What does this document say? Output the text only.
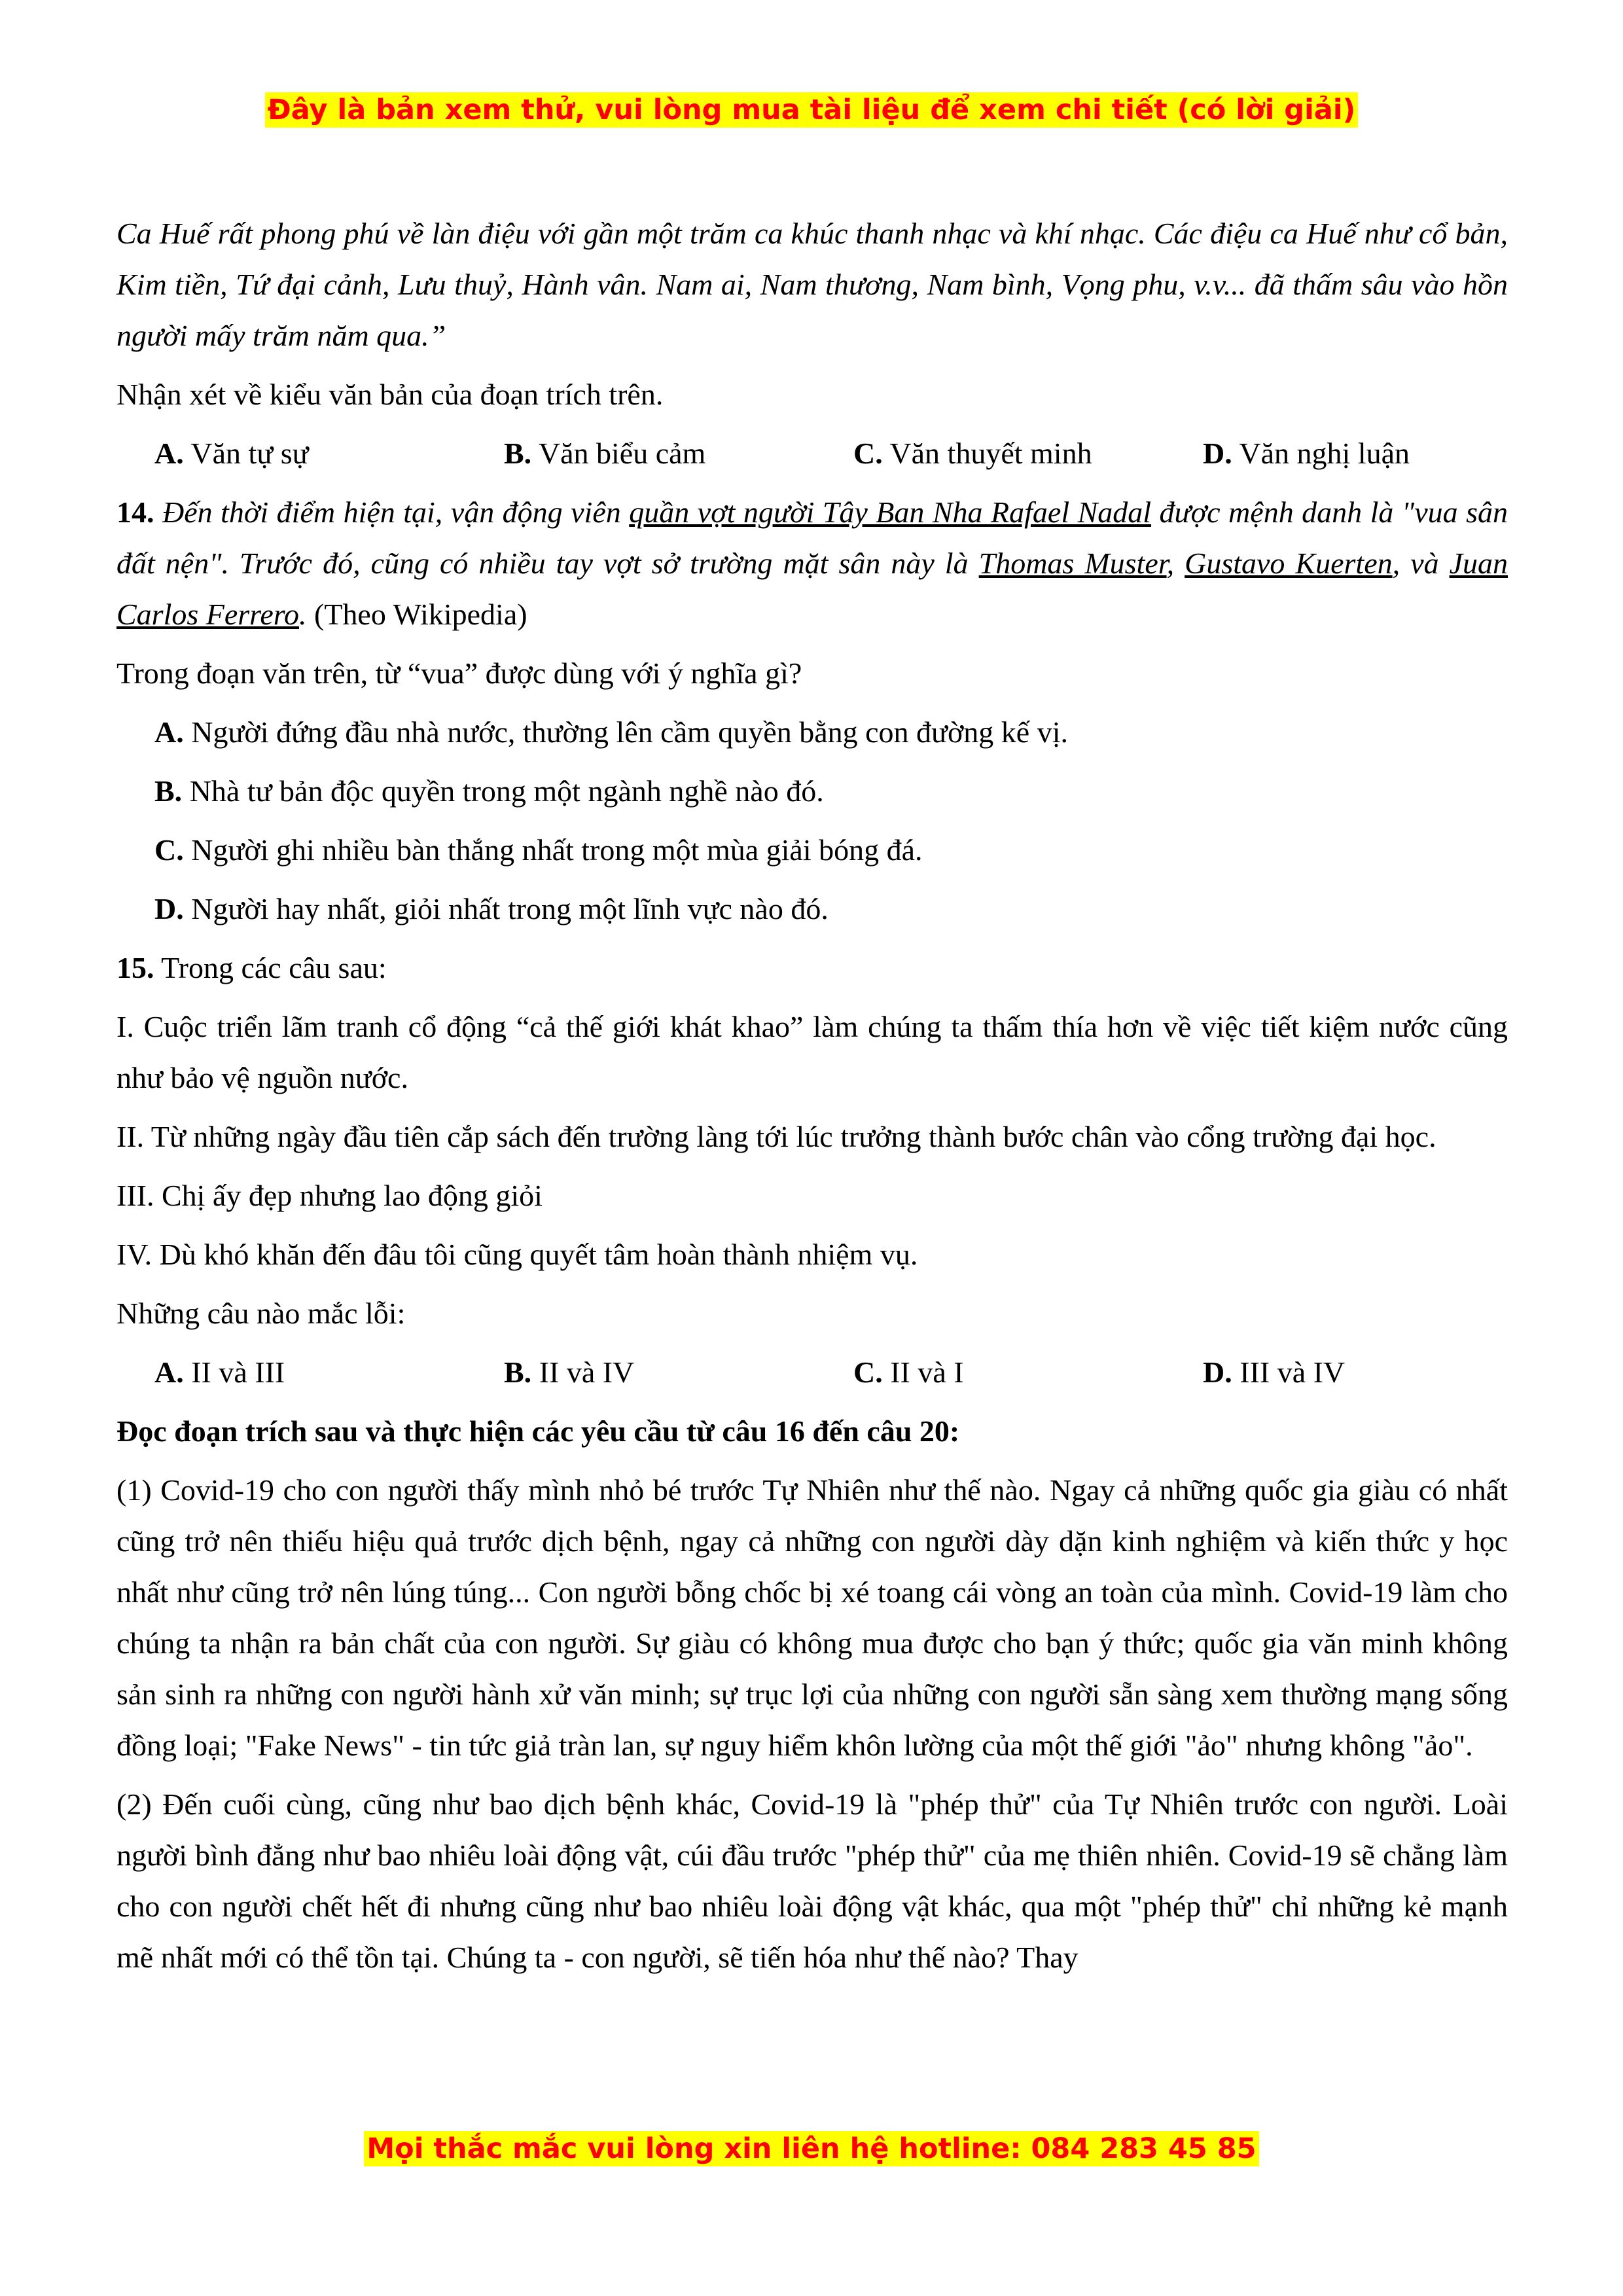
Đây là bản xem thử, vui lòng mua tài liệu để xem chi tiết (có lời giải)

Ca Huế rất phong phú về làn điệu với gần một trăm ca khúc thanh nhạc và khí nhạc. Các điệu ca Huế như cổ bản, Kim tiền, Tứ đại cảnh, Lưu thuỷ, Hành vân. Nam ai, Nam thương, Nam bình, Vọng phu, v.v... đã thấm sâu vào hồn người mấy trăm năm qua.”

Nhận xét về kiểu văn bản của đoạn trích trên.

A. Văn tự sự	B. Văn biểu cảm	C. Văn thuyết minh	D. Văn nghị luận

14. Đến thời điểm hiện tại, vận động viên quần vợt người Tây Ban Nha Rafael Nadal được mệnh danh là "vua sân đất nện". Trước đó, cũng có nhiều tay vợt sở trường mặt sân này là Thomas Muster, Gustavo Kuerten, và Juan Carlos Ferrero. (Theo Wikipedia)

Trong đoạn văn trên, từ “vua” được dùng với ý nghĩa gì?

A. Người đứng đầu nhà nước, thường lên cầm quyền bằng con đường kế vị.
B. Nhà tư bản độc quyền trong một ngành nghề nào đó.
C. Người ghi nhiều bàn thắng nhất trong một mùa giải bóng đá.
D. Người hay nhất, giỏi nhất trong một lĩnh vực nào đó.

15. Trong các câu sau:

I. Cuộc triển lãm tranh cổ động “cả thế giới khát khao” làm chúng ta thấm thía hơn về việc tiết kiệm nước cũng như bảo vệ nguồn nước.

II. Từ những ngày đầu tiên cắp sách đến trường làng tới lúc trưởng thành bước chân vào cổng trường đại học.

III. Chị ấy đẹp nhưng lao động giỏi

IV. Dù khó khăn đến đâu tôi cũng quyết tâm hoàn thành nhiệm vụ.

Những câu nào mắc lỗi:

A. II và III	B. II và IV	C. II và I	D. III và IV

Đọc đoạn trích sau và thực hiện các yêu cầu từ câu 16 đến câu 20:

(1) Covid-19 cho con người thấy mình nhỏ bé trước Tự Nhiên như thế nào. Ngay cả những quốc gia giàu có nhất cũng trở nên thiếu hiệu quả trước dịch bệnh, ngay cả những con người dày dặn kinh nghiệm và kiến thức y học nhất như cũng trở nên lúng túng... Con người bỗng chốc bị xé toang cái vòng an toàn của mình. Covid-19 làm cho chúng ta nhận ra bản chất của con người. Sự giàu có không mua được cho bạn ý thức; quốc gia văn minh không sản sinh ra những con người hành xử văn minh; sự trục lợi của những con người sẵn sàng xem thường mạng sống đồng loại; "Fake News" - tin tức giả tràn lan, sự nguy hiểm khôn lường của một thế giới "ảo" nhưng không "ảo".

(2) Đến cuối cùng, cũng như bao dịch bệnh khác, Covid-19 là "phép thử" của Tự Nhiên trước con người. Loài người bình đẳng như bao nhiêu loài động vật, cúi đầu trước "phép thử" của mẹ thiên nhiên. Covid-19 sẽ chẳng làm cho con người chết hết đi nhưng cũng như bao nhiêu loài động vật khác, qua một "phép thử" chỉ những kẻ mạnh mẽ nhất mới có thể tồn tại. Chúng ta - con người, sẽ tiến hóa như thế nào? Thay

Mọi thắc mắc vui lòng xin liên hệ hotline: 084 283 45 85
